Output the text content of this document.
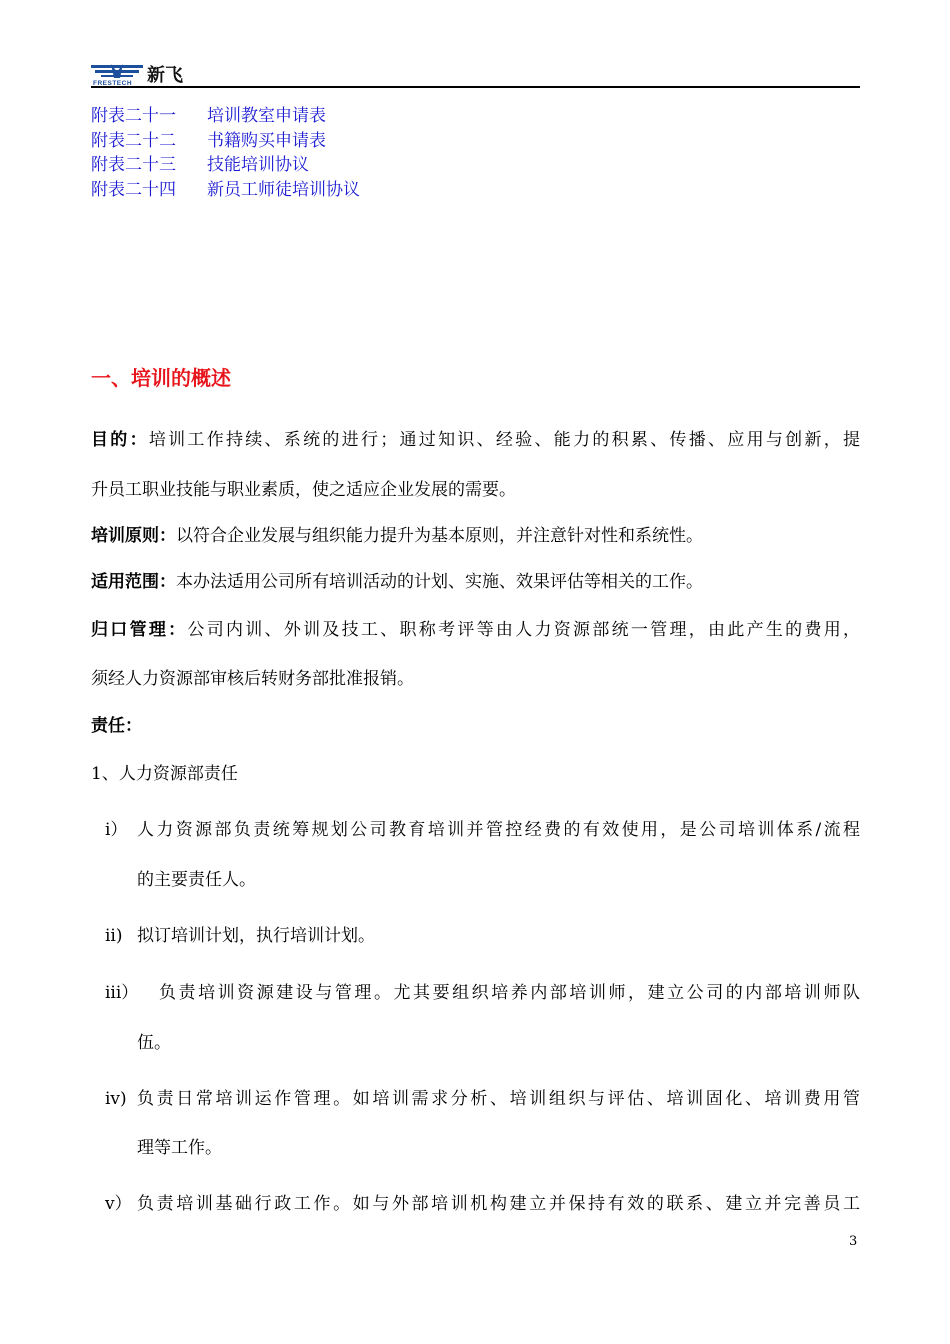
FRESTECH 新飞
附表二十一 培训教室申请表
附表二十二 书籍购买申请表
附表二十三 技能培训协议
附表二十四 新员工师徒培训协议
一、培训的概述
目的：培训工作持续、系统的进行；通过知识、经验、能力的积累、传播、应用与创新，提
升员工职业技能与职业素质，使之适应企业发展的需要。
培训原则：以符合企业发展与组织能力提升为基本原则，并注意针对性和系统性。
适用范围：本办法适用公司所有培训活动的计划、实施、效果评估等相关的工作。
归口管理：公司内训、外训及技工、职称考评等由人力资源部统一管理，由此产生的费用，
须经人力资源部审核后转财务部批准报销。
责任：
1、人力资源部责任
i） 人力资源部负责统筹规划公司教育培训并管控经费的有效使用，是公司培训体系/流程
的主要责任人。
ii) 拟订培训计划，执行培训计划。
iii） 负责培训资源建设与管理。尤其要组织培养内部培训师，建立公司的内部培训师队
伍。
iv) 负责日常培训运作管理。如培训需求分析、培训组织与评估、培训固化、培训费用管
理等工作。
v） 负责培训基础行政工作。如与外部培训机构建立并保持有效的联系、建立并完善员工
3
